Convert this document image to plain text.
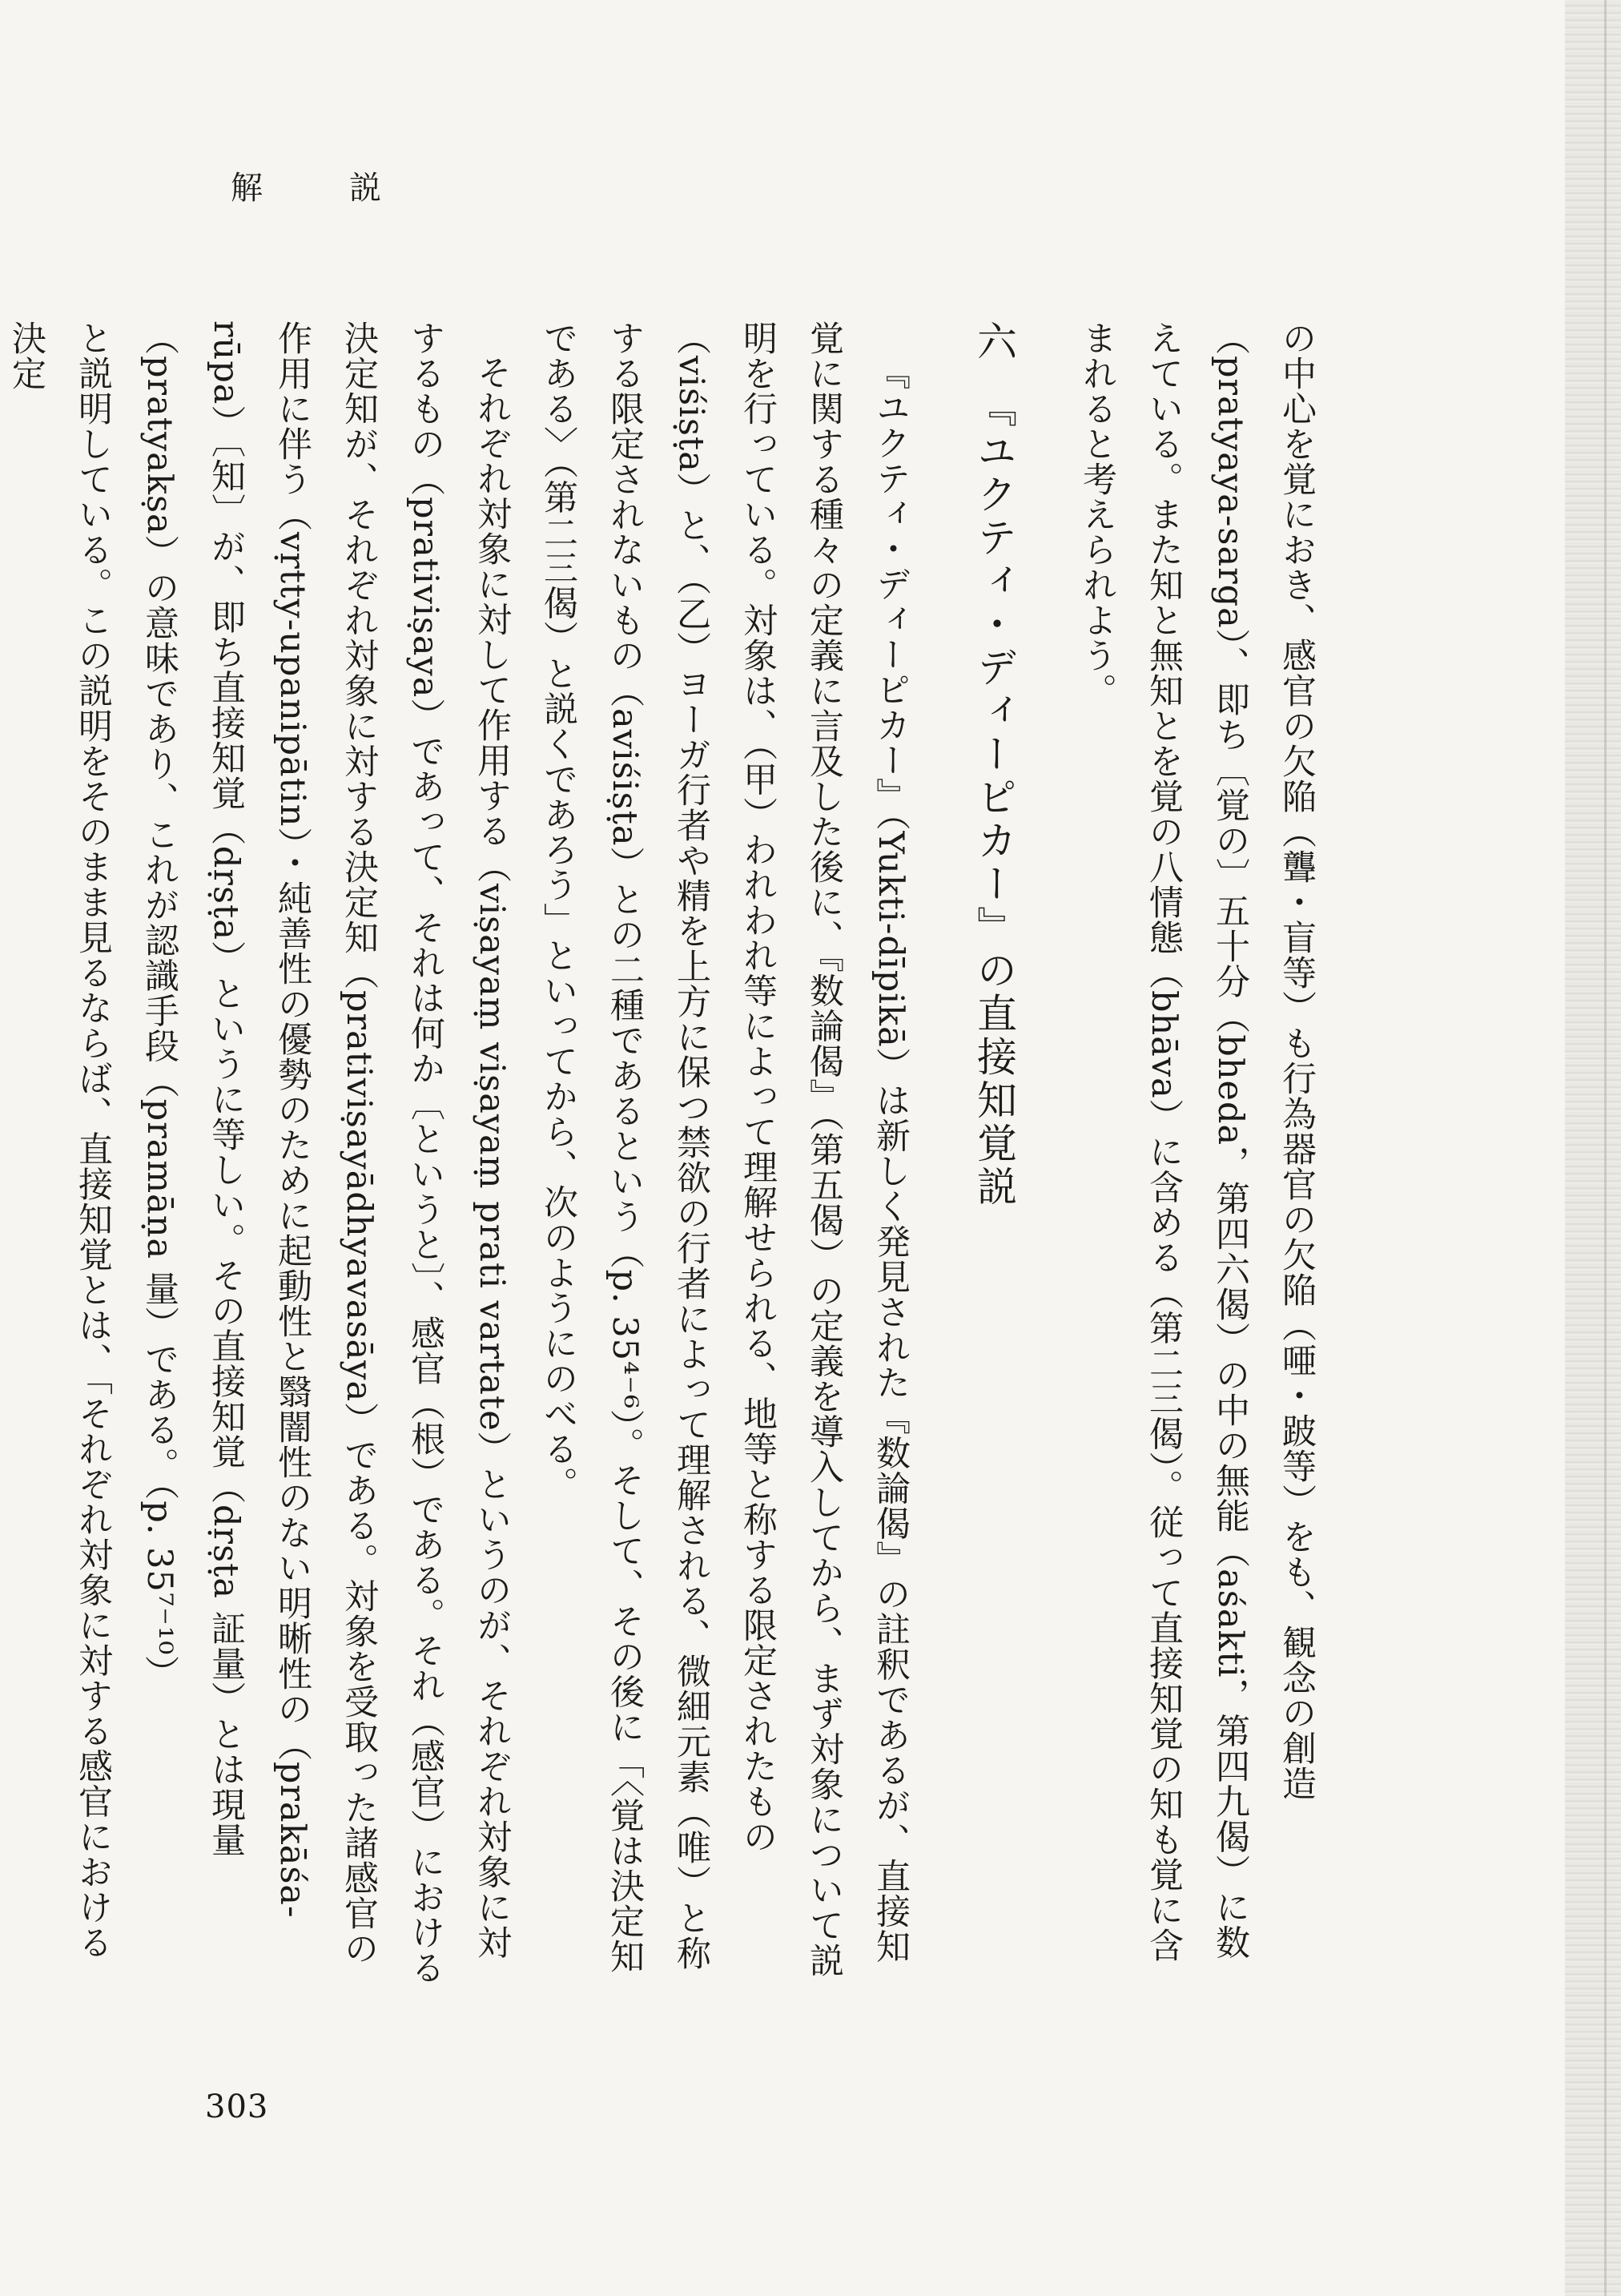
解　説

の中心を覚におき、感官の欠陥（聾・盲等）も行為器官の欠陥（唖・跛等）をも、観念の創造（pratyaya-sarga）、即ち〔覚の〕五十分（bheda，第四六偈）の中の無能（aśakti，第四九偈）に数えている。また知と無知とを覚の八情態（bhāva）に含める（第二三偈）。従って直接知覚の知も覚に含まれると考えられよう。

六　『ユクティ・ディーピカー』の直接知覚説

『ユクティ・ディーピカー』（Yukti-dīpikā）は新しく発見された『数論偈』の註釈であるが、直接知覚に関する種々の定義に言及した後に、『数論偈』（第五偈）の定義を導入してから、まず対象について説明を行っている。対象は、（甲）われわれ等によって理解せられる、地等と称する限定されたもの（viśiṣṭa）と、（乙）ヨーガ行者や精を上方に保つ禁欲の行者によって理解される、微細元素（唯）と称する限定されないもの（aviśiṣṭa）との二種であるという（p. 35⁴⁻⁶）。そして、その後に「〈覚は決定知である〉（第二三偈）と説くであろう」といってから、次のようにのべる。

それぞれ対象に対して作用する（viṣayaṃ viṣayaṃ prati vartate）というのが、それぞれ対象に対するもの（prativiṣaya）であって、それは何か〔というと〕、感官（根）である。それ（感官）における決定知が、それぞれ対象に対する決定知（prativiṣayādhyavasāya）である。対象を受取った諸感官の作用に伴う（vṛtty-upanipātin）・純善性の優勢のために起動性と翳闇性のない明晰性の（prakāśa-rūpa）〔知〕が、即ち直接知覚（dṛṣṭa）というに等しい。その直接知覚（dṛṣṭa 証量）とは現量（pratyakṣa）の意味であり、これが認識手段（pramāṇa 量）である。（p. 35⁷⁻¹⁰）

と説明している。この説明をそのまま見るならば、直接知覚とは、「それぞれ対象に対する感官における決定

303
